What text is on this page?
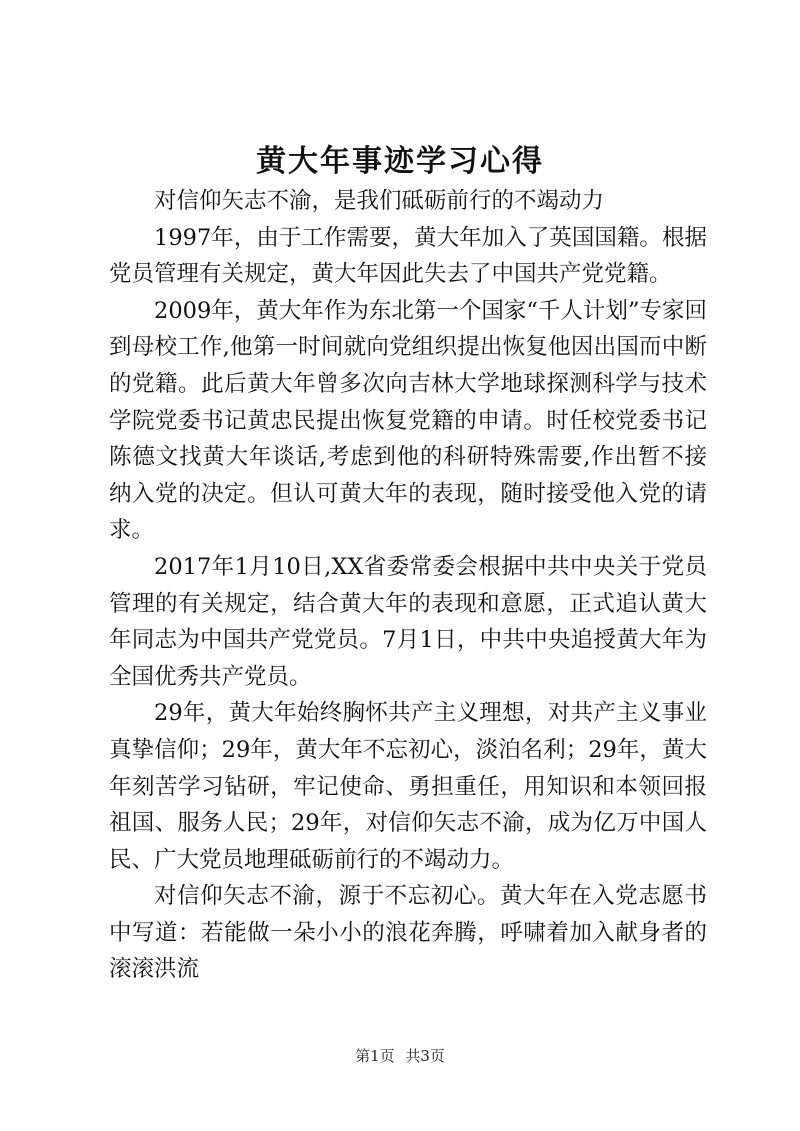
黄大年事迹学习心得

对信仰矢志不渝，是我们砥砺前行的不竭动力

1997年，由于工作需要，黄大年加入了英国国籍。根据党员管理有关规定，黄大年因此失去了中国共产党党籍。

2009年，黄大年作为东北第一个国家“千人计划”专家回到母校工作,他第一时间就向党组织提出恢复他因出国而中断的党籍。此后黄大年曾多次向吉林大学地球探测科学与技术学院党委书记黄忠民提出恢复党籍的申请。时任校党委书记陈德文找黄大年谈话,考虑到他的科研特殊需要,作出暂不接纳入党的决定。但认可黄大年的表现，随时接受他入党的请求。

2017年1月10日,XX省委常委会根据中共中央关于党员管理的有关规定，结合黄大年的表现和意愿，正式追认黄大年同志为中国共产党党员。7月1日，中共中央追授黄大年为全国优秀共产党员。

29年，黄大年始终胸怀共产主义理想，对共产主义事业真挚信仰；29年，黄大年不忘初心，淡泊名利；29年，黄大年刻苦学习钻研，牢记使命、勇担重任，用知识和本领回报祖国、服务人民；29年，对信仰矢志不渝，成为亿万中国人民、广大党员地理砥砺前行的不竭动力。

对信仰矢志不渝，源于不忘初心。黄大年在入党志愿书中写道：若能做一朵小小的浪花奔腾，呼啸着加入献身者的滚滚洪流

第1页 共3页
